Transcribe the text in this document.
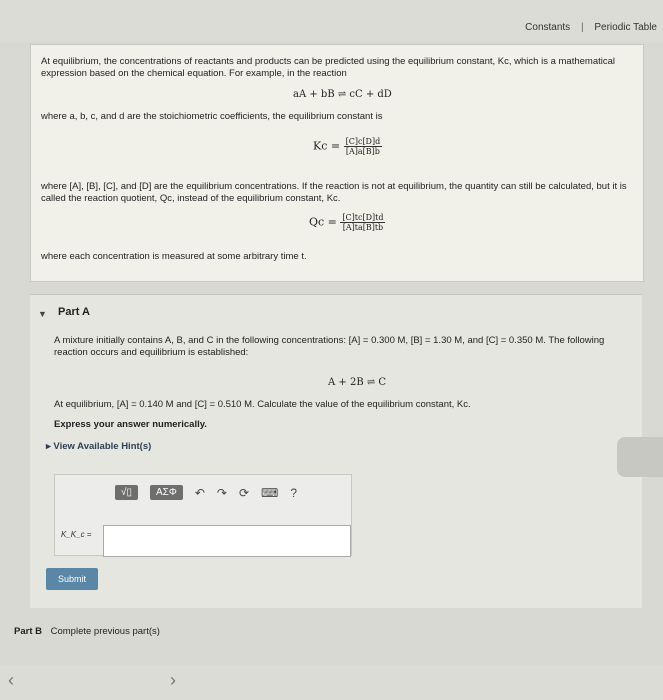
Constants | Periodic Table

At equilibrium, the concentrations of reactants and products can be predicted using the equilibrium constant, Kc, which is a mathematical expression based on the chemical equation. For example, in the reaction

aA + bB ⇌ cC + dD

where a, b, c, and d are the stoichiometric coefficients, the equilibrium constant is

$Kc = \frac{[C]c[D]d}{[A]a[B]b}$

where [A], [B], [C], and [D] are the equilibrium concentrations. If the reaction is not at equilibrium, the quantity can still be calculated, but it is called the reaction quotient, Qc, instead of the equilibrium constant, Kc.

$Qc = \frac{[C]tc[D]td}{[A]ta[B]tb}$

where each concentration is measured at some arbitrary time t.

▼ Part A
A mixture initially contains A, B, and C in the following concentrations: [A] = 0.300 M, [B] = 1.30 M, and [C] = 0.350 M. The following reaction occurs and equilibrium is established:
A + 2B ⇌ C
At equilibrium, [A] = 0.140 M and [C] = 0.510 M. Calculate the value of the equilibrium constant, Kc.
Express your answer numerically.
▸ View Available Hint(s)
√▯	ΑΣΦ	↶ ↷ ⟳ ⌨ ?
K_K_c =
Submit
Part B Complete previous part(s)
‹	›
